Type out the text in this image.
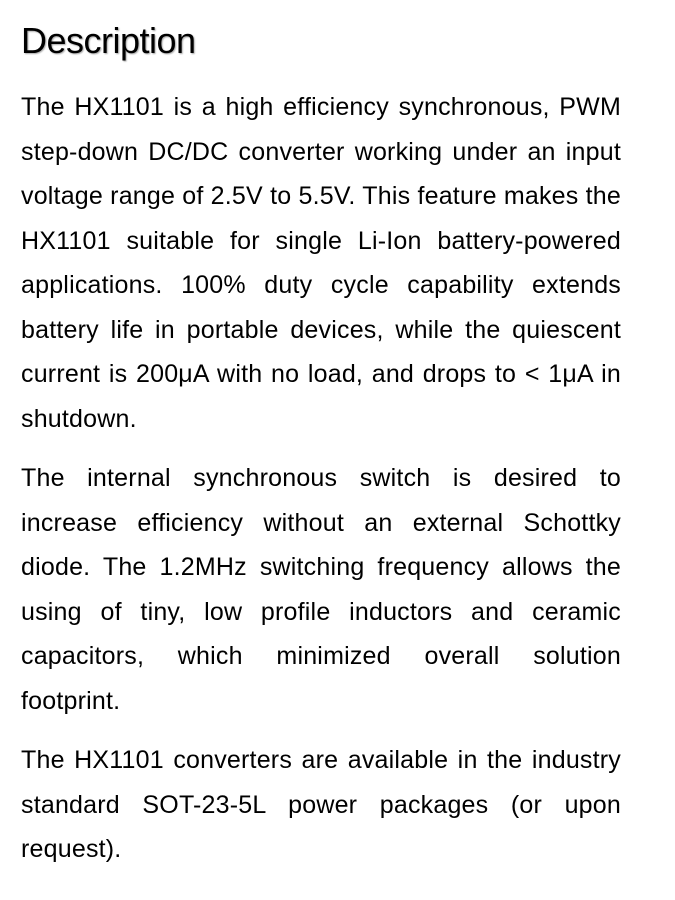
Description

The HX1101 is a high efficiency synchronous, PWM step-down DC/DC converter working under an input voltage range of 2.5V to 5.5V. This feature makes the HX1101 suitable for single Li-Ion battery-powered applications. 100% duty cycle capability extends battery life in portable devices, while the quiescent current is 200μA with no load, and drops to < 1μA in shutdown.

The internal synchronous switch is desired to increase efficiency without an external Schottky diode. The 1.2MHz switching frequency allows the using of tiny, low profile inductors and ceramic capacitors, which minimized overall solution footprint.

The HX1101 converters are available in the industry standard SOT-23-5L power packages (or upon request).
